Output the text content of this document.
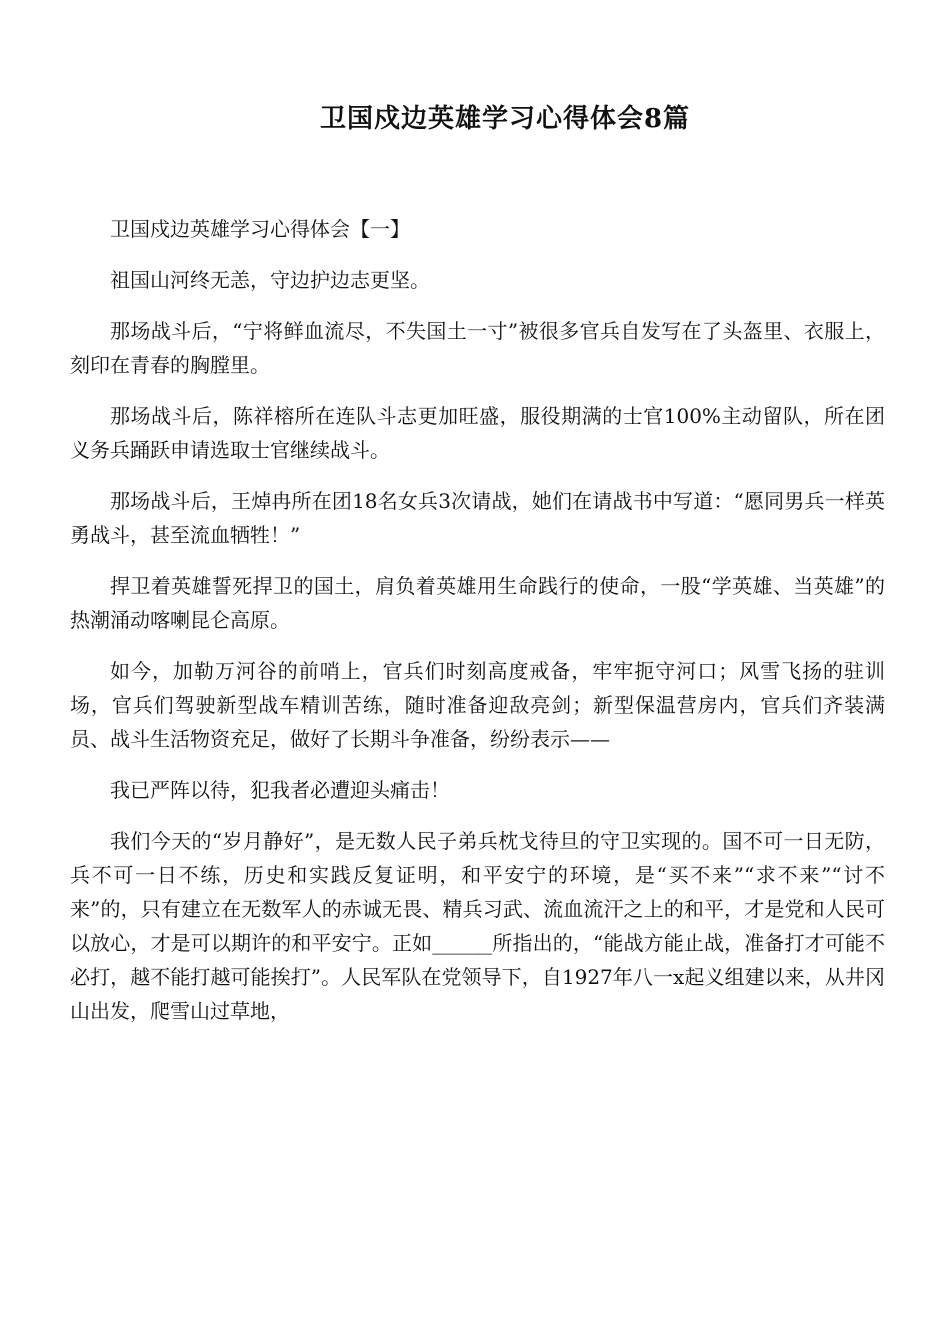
卫国戍边英雄学习心得体会8篇

卫国戍边英雄学习心得体会【一】

祖国山河终无恙，守边护边志更坚。

那场战斗后，“宁将鲜血流尽，不失国土一寸”被很多官兵自发写在了头盔里、衣服上，刻印在青春的胸膛里。

那场战斗后，陈祥榕所在连队斗志更加旺盛，服役期满的士官100%主动留队，所在团义务兵踊跃申请选取士官继续战斗。

那场战斗后，王焯冉所在团18名女兵3次请战，她们在请战书中写道：“愿同男兵一样英勇战斗，甚至流血牺牲！”

捍卫着英雄誓死捍卫的国土，肩负着英雄用生命践行的使命，一股“学英雄、当英雄”的热潮涌动喀喇昆仑高原。

如今，加勒万河谷的前哨上，官兵们时刻高度戒备，牢牢扼守河口；风雪飞扬的驻训场，官兵们驾驶新型战车精训苦练，随时准备迎敌亮剑；新型保温营房内，官兵们齐装满员、战斗生活物资充足，做好了长期斗争准备，纷纷表示——

我已严阵以待，犯我者必遭迎头痛击！

我们今天的“岁月静好”，是无数人民子弟兵枕戈待旦的守卫实现的。国不可一日无防，兵不可一日不练，历史和实践反复证明，和平安宁的环境，是“买不来”“求不来”“讨不来”的，只有建立在无数军人的赤诚无畏、精兵习武、流血流汗之上的和平，才是党和人民可以放心，才是可以期许的和平安宁。正如______所指出的，“能战方能止战，准备打才可能不必打，越不能打越可能挨打”。人民军队在党领导下，自1927年八一x起义组建以来，从井冈山出发，爬雪山过草地，
